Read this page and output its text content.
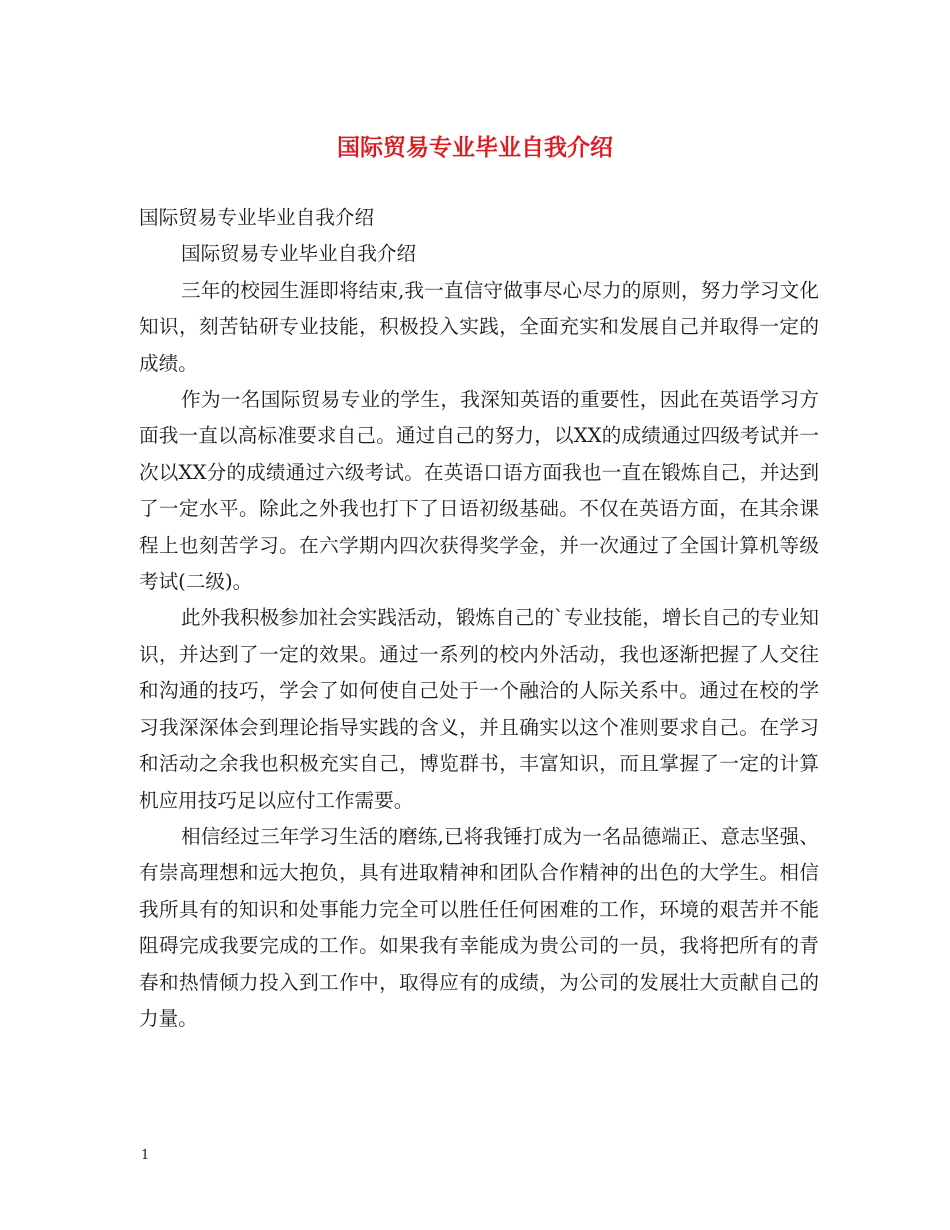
国际贸易专业毕业自我介绍

国际贸易专业毕业自我介绍

国际贸易专业毕业自我介绍

三年的校园生涯即将结束,我一直信守做事尽心尽力的原则，努力学习文化知识，刻苦钻研专业技能，积极投入实践，全面充实和发展自己并取得一定的成绩。

作为一名国际贸易专业的学生，我深知英语的重要性，因此在英语学习方面我一直以高标准要求自己。通过自己的努力，以XX的成绩通过四级考试并一次以XX分的成绩通过六级考试。在英语口语方面我也一直在锻炼自己，并达到了一定水平。除此之外我也打下了日语初级基础。不仅在英语方面，在其余课程上也刻苦学习。在六学期内四次获得奖学金，并一次通过了全国计算机等级考试(二级)。

此外我积极参加社会实践活动，锻炼自己的`专业技能，增长自己的专业知识，并达到了一定的效果。通过一系列的校内外活动，我也逐渐把握了人交往和沟通的技巧，学会了如何使自己处于一个融洽的人际关系中。通过在校的学习我深深体会到理论指导实践的含义，并且确实以这个准则要求自己。在学习和活动之余我也积极充实自己，博览群书，丰富知识，而且掌握了一定的计算机应用技巧足以应付工作需要。

相信经过三年学习生活的磨练,已将我锤打成为一名品德端正、意志坚强、有崇高理想和远大抱负，具有进取精神和团队合作精神的出色的大学生。相信我所具有的知识和处事能力完全可以胜任任何困难的工作，环境的艰苦并不能阻碍完成我要完成的工作。如果我有幸能成为贵公司的一员，我将把所有的青春和热情倾力投入到工作中，取得应有的成绩，为公司的发展壮大贡献自己的力量。

1
